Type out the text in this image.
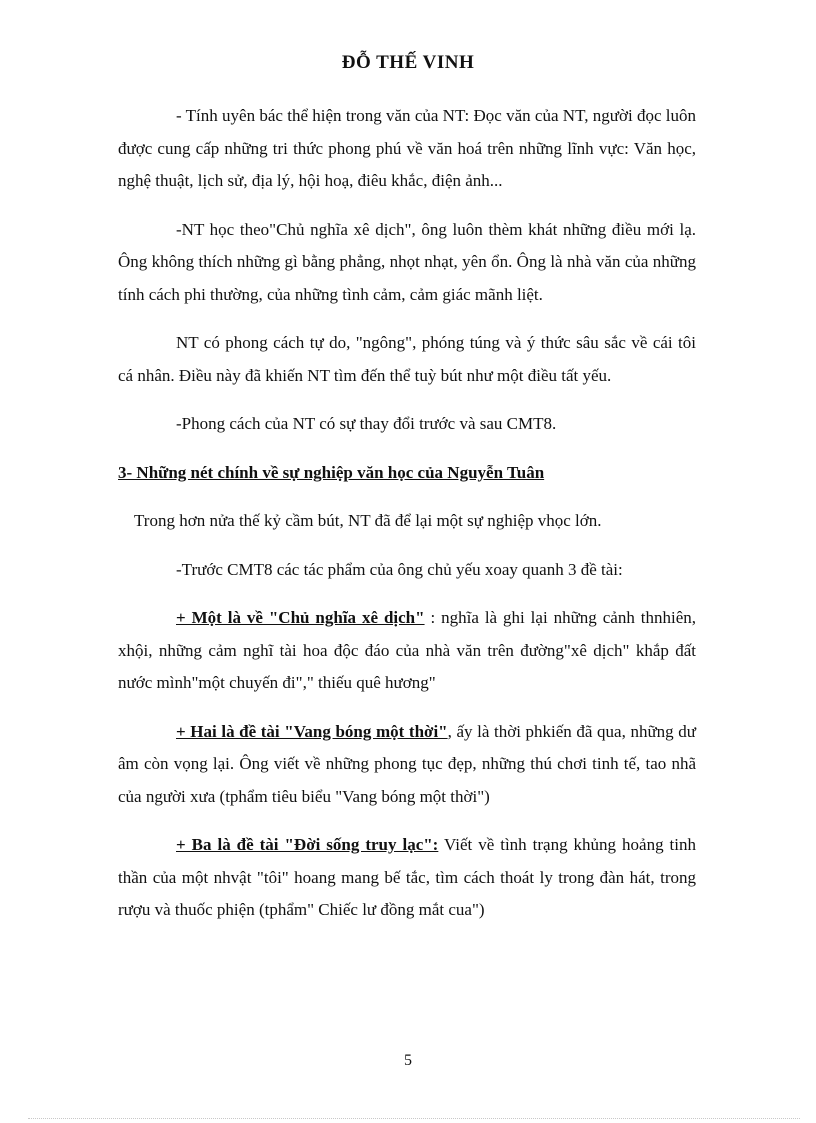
ĐỖ THẾ VINH

- Tính uyên bác thể hiện trong văn của NT: Đọc văn của NT, người đọc luôn được cung cấp những tri thức phong phú về văn hoá trên những lĩnh vực: Văn học, nghệ thuật, lịch sử, địa lý, hội hoạ, điêu khắc, điện ảnh...

-NT học theo"Chủ nghĩa xê dịch", ông luôn thèm khát những điều mới lạ. Ông không thích những gì bằng phẳng, nhọt nhạt, yên ổn. Ông là nhà văn của những tính cách phi thường, của những tình cảm, cảm giác mãnh liệt.

NT có phong cách tự do, "ngông", phóng túng và ý thức sâu sắc về cái tôi cá nhân. Điều này đã khiến NT tìm đến thể tuỳ bút như một điều tất yếu.

-Phong cách của NT có sự thay đổi trước và sau CMT8.

3- Những nét chính về sự nghiệp văn học của Nguyễn Tuân

Trong hơn nửa thế kỷ cầm bút, NT đã để lại một sự nghiệp vhọc lớn.

-Trước CMT8 các tác phẩm của ông chủ yếu xoay quanh 3 đề tài:

+ Một là về "Chủ nghĩa xê dịch" : nghĩa là ghi lại những cảnh thnhiên, xhội, những cảm nghĩ tài hoa độc đáo của nhà văn trên đường"xê dịch" khắp đất nước mình"một chuyến đi"," thiếu quê hương"

+ Hai là đề tài "Vang bóng một thời", ấy là thời phkiến đã qua, những dư âm còn vọng lại. Ông viết về những phong tục đẹp, những thú chơi tinh tế, tao nhã của người xưa (tphẩm tiêu biểu "Vang bóng một thời")

+ Ba là đề tài "Đời sống truy lạc": Viết về tình trạng khủng hoảng tinh thần của một nhvật "tôi" hoang mang bế tắc, tìm cách thoát ly trong đàn hát, trong rượu và thuốc phiện (tphẩm" Chiếc lư đồng mắt cua")

5
